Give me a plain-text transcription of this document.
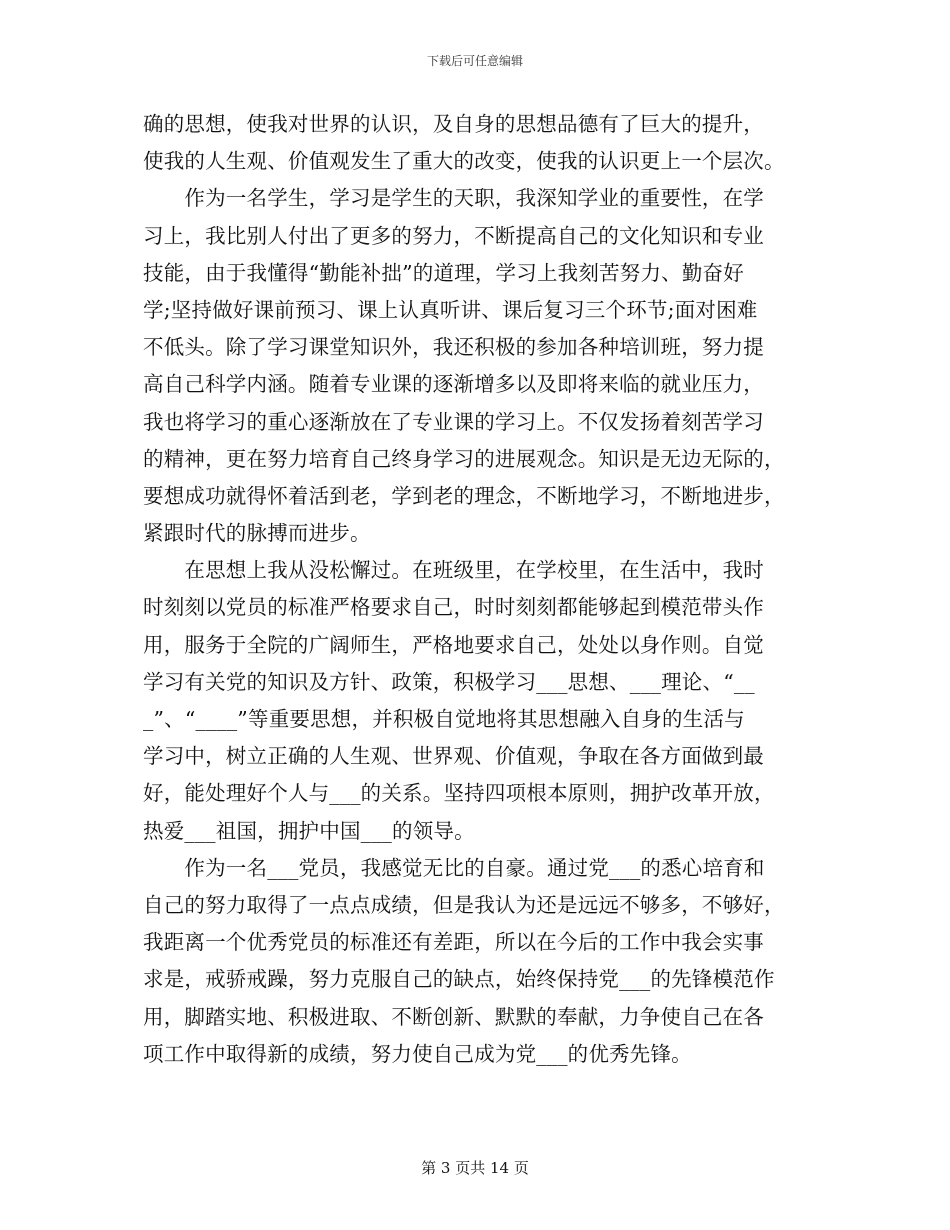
下载后可任意编辑
确的思想，使我对世界的认识，及自身的思想品德有了巨大的提升，
使我的人生观、价值观发生了重大的改变，使我的认识更上一个层次。
　　作为一名学生，学习是学生的天职，我深知学业的重要性，在学
习上，我比别人付出了更多的努力，不断提高自己的文化知识和专业
技能，由于我懂得“勤能补拙”的道理，学习上我刻苦努力、勤奋好
学;坚持做好课前预习、课上认真听讲、课后复习三个环节;面对困难
不低头。除了学习课堂知识外，我还积极的参加各种培训班，努力提
高自己科学内涵。随着专业课的逐渐增多以及即将来临的就业压力，
我也将学习的重心逐渐放在了专业课的学习上。不仅发扬着刻苦学习
的精神，更在努力培育自己终身学习的进展观念。知识是无边无际的，
要想成功就得怀着活到老，学到老的理念，不断地学习，不断地进步，
紧跟时代的脉搏而进步。
　　在思想上我从没松懈过。在班级里，在学校里，在生活中，我时
时刻刻以党员的标准严格要求自己，时时刻刻都能够起到模范带头作
用，服务于全院的广阔师生，严格地要求自己，处处以身作则。自觉
学习有关党的知识及方针、政策，积极学习___思想、___理论、“__
_”、“____”等重要思想，并积极自觉地将其思想融入自身的生活与
学习中，树立正确的人生观、世界观、价值观，争取在各方面做到最
好，能处理好个人与___的关系。坚持四项根本原则，拥护改革开放，
热爱___祖国，拥护中国___的领导。
　　作为一名___党员，我感觉无比的自豪。通过党___的悉心培育和
自己的努力取得了一点点成绩，但是我认为还是远远不够多，不够好，
我距离一个优秀党员的标准还有差距，所以在今后的工作中我会实事
求是，戒骄戒躁，努力克服自己的缺点，始终保持党___的先锋模范作
用，脚踏实地、积极进取、不断创新、默默的奉献，力争使自己在各
项工作中取得新的成绩，努力使自己成为党___的优秀先锋。
第 3 页共 14 页
